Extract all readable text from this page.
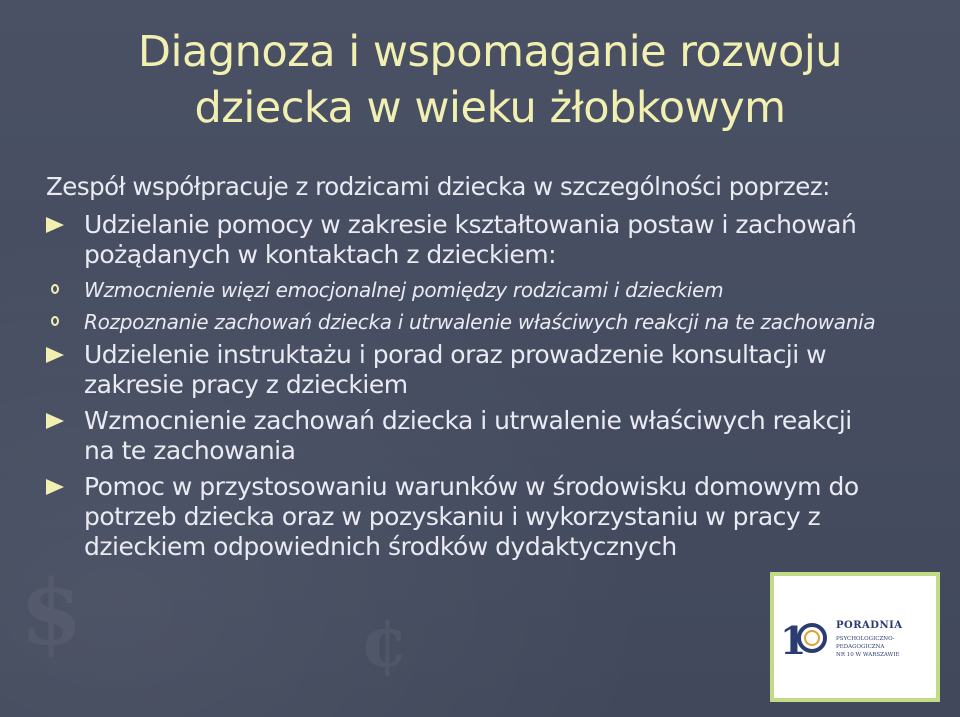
$	¢
Diagnoza i wspomaganie rozwoju dziecka w wieku żłobkowym

Zespół współpracuje z rodzicami dziecka w szczególności poprzez:

Udzielanie pomocy w zakresie kształtowania postaw i zachowań pożądanych w kontaktach z dzieckiem:
Wzmocnienie więzi emocjonalnej pomiędzy rodzicami i dzieckiem
Rozpoznanie zachowań dziecka i utrwalenie właściwych reakcji na te zachowania
Udzielenie instruktażu i porad oraz prowadzenie konsultacji w zakresie pracy z dzieckiem
Wzmocnienie zachowań dziecka i utrwalenie właściwych reakcji na te zachowania
Pomoc w przystosowaniu warunków w środowisku domowym do potrzeb dziecka oraz w pozyskaniu i wykorzystaniu w pracy z dzieckiem odpowiednich środków dydaktycznych
1	PORADNIA
PSYCHOLOGICZNO-PEDAGOGICZNA
NR 10 W WARSZAWIE
